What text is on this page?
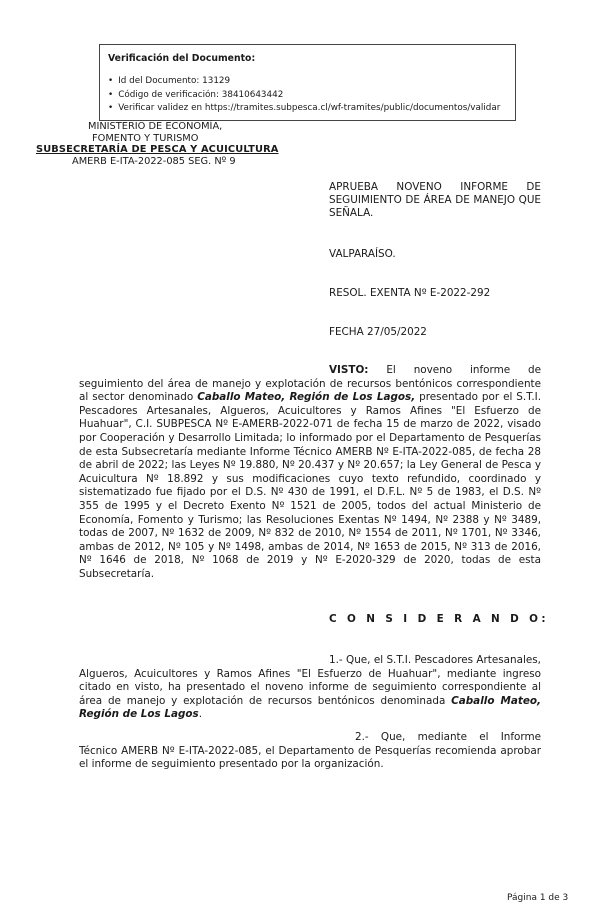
Verificación del Documento:
• Id del Documento: 13129
• Código de verificación: 38410643442
• Verificar validez en https://tramites.subpesca.cl/wf-tramites/public/documentos/validar
MINISTERIO DE ECONOMÍA,
FOMENTO Y TURISMO
SUBSECRETARÍA DE PESCA Y ACUICULTURA
AMERB E-ITA-2022-085 SEG. Nº 9
APRUEBA NOVENO INFORME DE SEGUIMIENTO DE ÁREA DE MANEJO QUE SEÑALA.
VALPARAÍSO.
RESOL. EXENTA Nº E-2022-292
FECHA 27/05/2022
VISTO: El noveno informe de seguimiento del área de manejo y explotación de recursos bentónicos correspondiente al sector denominado Caballo Mateo, Región de Los Lagos, presentado por el S.T.I. Pescadores Artesanales, Algueros, Acuicultores y Ramos Afines "El Esfuerzo de Huahuar", C.I. SUBPESCA Nº E-AMERB-2022-071 de fecha 15 de marzo de 2022, visado por Cooperación y Desarrollo Limitada; lo informado por el Departamento de Pesquerías de esta Subsecretaría mediante Informe Técnico AMERB Nº E-ITA-2022-085, de fecha 28 de abril de 2022; las Leyes Nº 19.880, Nº 20.437 y Nº 20.657; la Ley General de Pesca y Acuicultura Nº 18.892 y sus modificaciones cuyo texto refundido, coordinado y sistematizado fue fijado por el D.S. Nº 430 de 1991, el D.F.L. Nº 5 de 1983, el D.S. Nº 355 de 1995 y el Decreto Exento Nº 1521 de 2005, todos del actual Ministerio de Economía, Fomento y Turismo; las Resoluciones Exentas Nº 1494, Nº 2388 y Nº 3489, todas de 2007, Nº 1632 de 2009, Nº 832 de 2010, Nº 1554 de 2011, Nº 1701, Nº 3346, ambas de 2012, Nº 105 y Nº 1498, ambas de 2014, Nº 1653 de 2015, Nº 313 de 2016, Nº 1646 de 2018, Nº 1068 de 2019 y Nº E-2020-329 de 2020, todas de esta Subsecretaría.
C O N S I D E R A N D O:
1.- Que, el S.T.I. Pescadores Artesanales, Algueros, Acuicultores y Ramos Afines "El Esfuerzo de Huahuar", mediante ingreso citado en visto, ha presentado el noveno informe de seguimiento correspondiente al área de manejo y explotación de recursos bentónicos denominada Caballo Mateo, Región de Los Lagos.
2.- Que, mediante el Informe Técnico AMERB Nº E-ITA-2022-085, el Departamento de Pesquerías recomienda aprobar el informe de seguimiento presentado por la organización.
Página 1 de 3
